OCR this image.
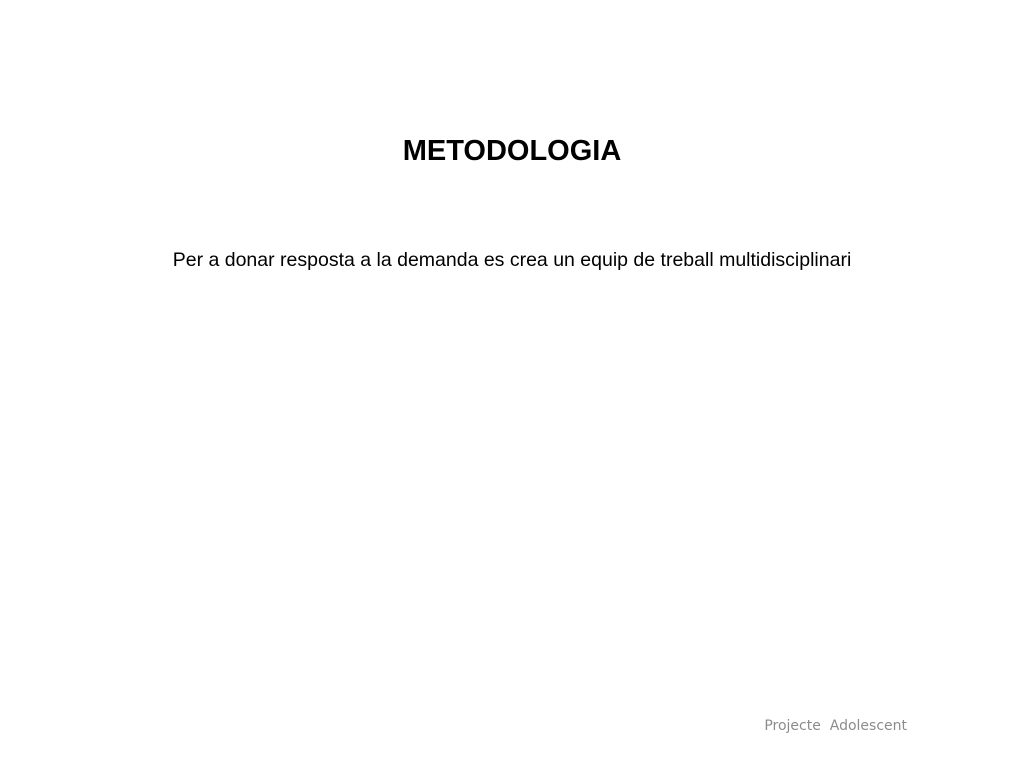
METODOLOGIA

Per a donar resposta a la demanda es crea un equip de treball multidisciplinari

Projecte  Adolescent
